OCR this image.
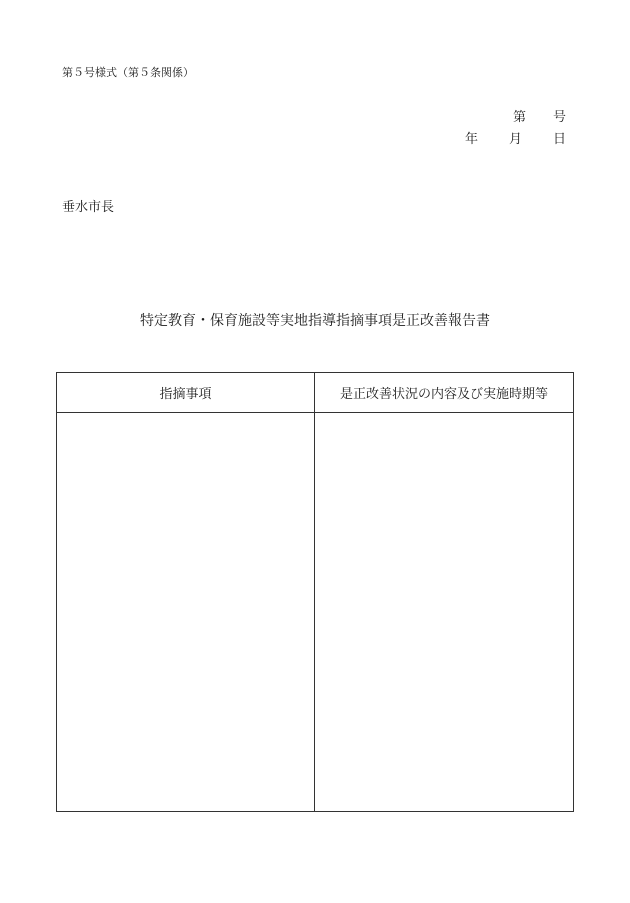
第５号様式（第５条関係）
第	号
年	月	日
垂水市長
特定教育・保育施設等実地指導指摘事項是正改善報告書
指摘事項	是正改善状況の内容及び実施時期等
